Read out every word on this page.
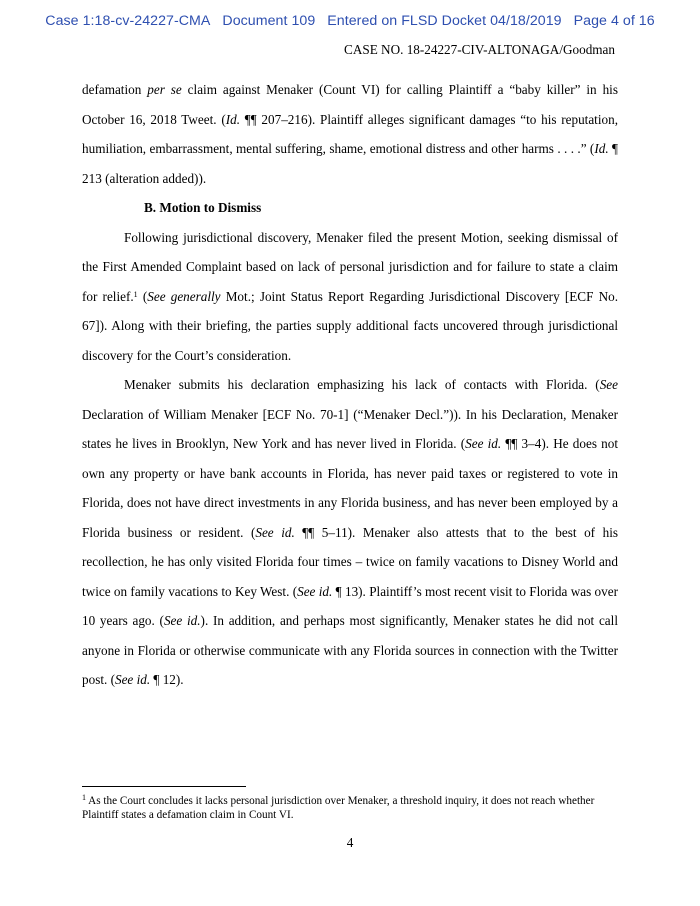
Case 1:18-cv-24227-CMA Document 109 Entered on FLSD Docket 04/18/2019 Page 4 of 16
CASE NO. 18-24227-CIV-ALTONAGA/Goodman

defamation per se claim against Menaker (Count VI) for calling Plaintiff a “baby killer” in his October 16, 2018 Tweet. (Id. ¶¶ 207–216). Plaintiff alleges significant damages “to his reputation, humiliation, embarrassment, mental suffering, shame, emotional distress and other harms . . . .” (Id. ¶ 213 (alteration added)).

B. Motion to Dismiss

Following jurisdictional discovery, Menaker filed the present Motion, seeking dismissal of the First Amended Complaint based on lack of personal jurisdiction and for failure to state a claim for relief.$^1$ (See generally Mot.; Joint Status Report Regarding Jurisdictional Discovery [ECF No. 67]). Along with their briefing, the parties supply additional facts uncovered through jurisdictional discovery for the Court’s consideration.

Menaker submits his declaration emphasizing his lack of contacts with Florida. (See Declaration of William Menaker [ECF No. 70-1] (“Menaker Decl.”)). In his Declaration, Menaker states he lives in Brooklyn, New York and has never lived in Florida. (See id. ¶¶ 3–4). He does not own any property or have bank accounts in Florida, has never paid taxes or registered to vote in Florida, does not have direct investments in any Florida business, and has never been employed by a Florida business or resident. (See id. ¶¶ 5–11). Menaker also attests that to the best of his recollection, he has only visited Florida four times – twice on family vacations to Disney World and twice on family vacations to Key West. (See id. ¶ 13). Plaintiff’s most recent visit to Florida was over 10 years ago. (See id.). In addition, and perhaps most significantly, Menaker states he did not call anyone in Florida or otherwise communicate with any Florida sources in connection with the Twitter post. (See id. ¶ 12).

$^1$ As the Court concludes it lacks personal jurisdiction over Menaker, a threshold inquiry, it does not reach whether Plaintiff states a defamation claim in Count VI.
4
